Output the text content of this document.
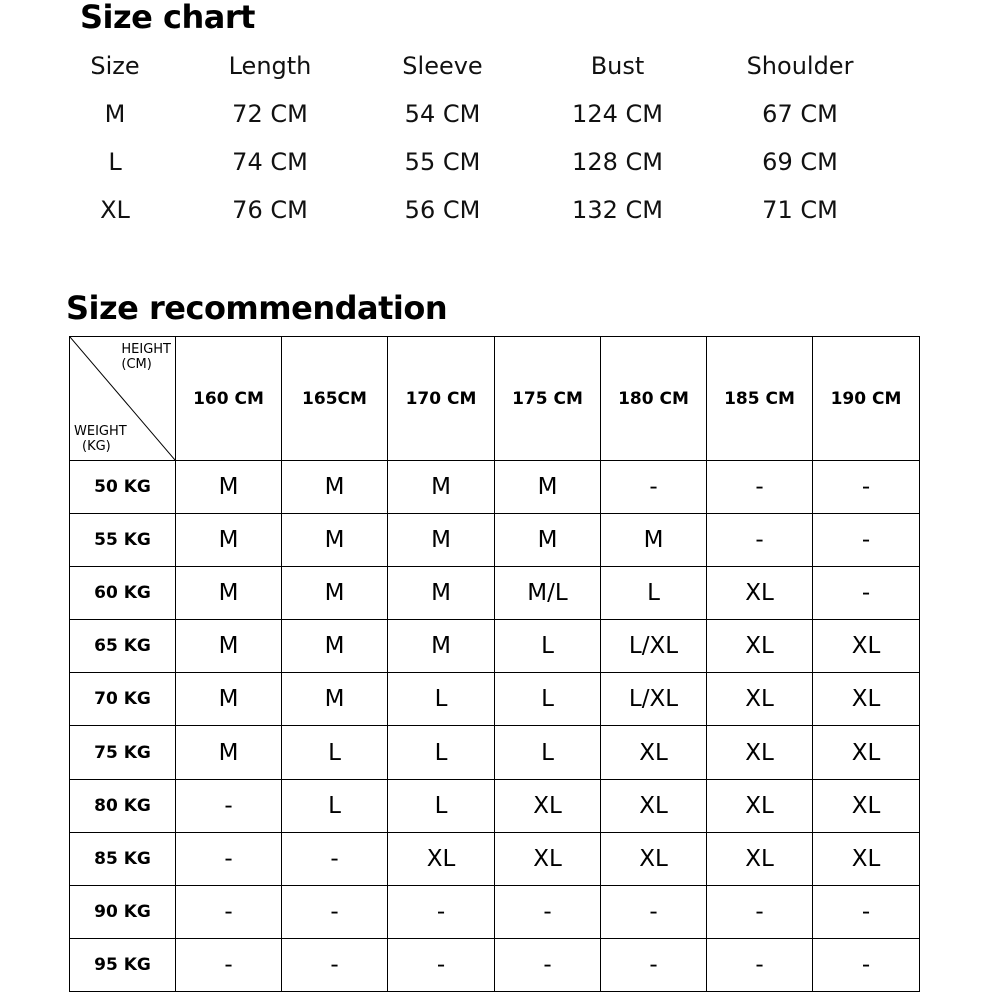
Size chart
Size	Length	Sleeve	Bust	Shoulder
M	72 CM	54 CM	124 CM	67 CM
L	74 CM	55 CM	128 CM	69 CM
XL	76 CM	56 CM	132 CM	71 CM
Size recommendation
HEIGHT
(CM)
WEIGHT
(KG)	160 CM	165CM	170 CM	175 CM	180 CM	185 CM	190 CM
50 KG	M	M	M	M	-	-	-
55 KG	M	M	M	M	M	-	-
60 KG	M	M	M	M/L	L	XL	-
65 KG	M	M	M	L	L/XL	XL	XL
70 KG	M	M	L	L	L/XL	XL	XL
75 KG	M	L	L	L	XL	XL	XL
80 KG	-	L	L	XL	XL	XL	XL
85 KG	-	-	XL	XL	XL	XL	XL
90 KG	-	-	-	-	-	-	-
95 KG	-	-	-	-	-	-	-
